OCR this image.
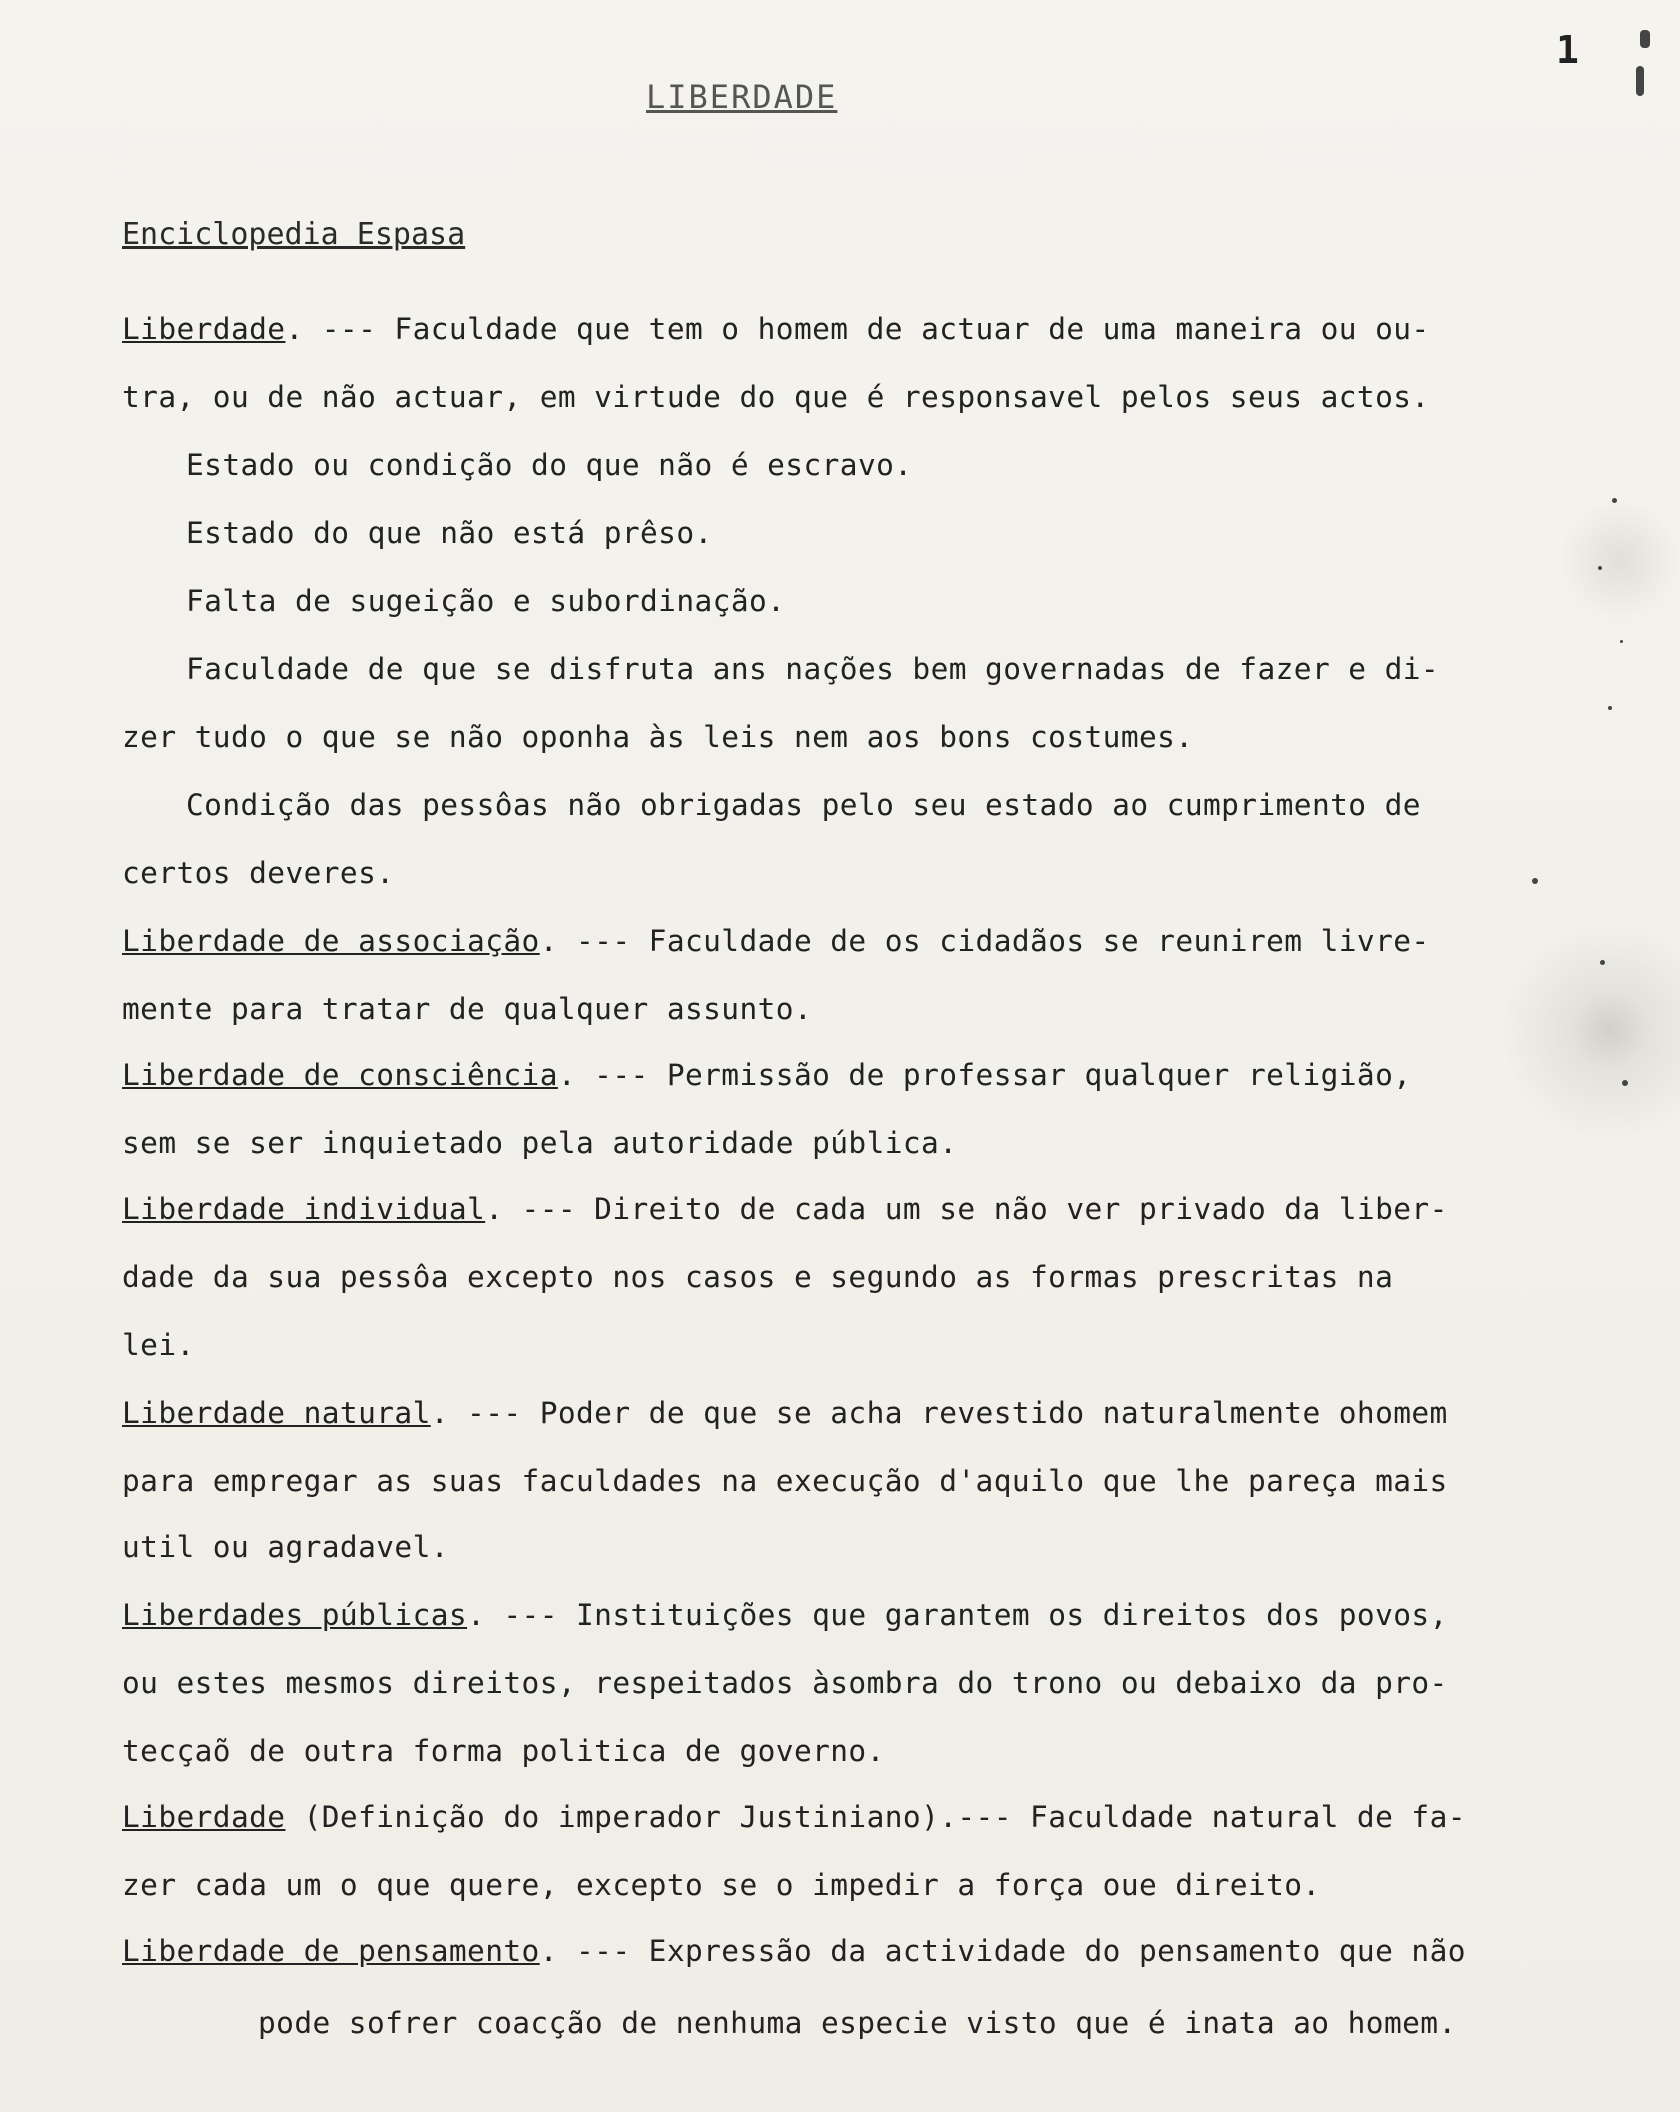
1
LIBERDADE
Enciclopedia Espasa
Liberdade. --- Faculdade que tem o homem de actuar de uma maneira ou ou-
tra, ou de não actuar, em virtude do que é responsavel pelos seus actos.
Estado ou condição do que não é escravo.
Estado do que não está prêso.
Falta de sugeição e subordinação.
Faculdade de que se disfruta ans nações bem governadas de fazer e di-
zer tudo o que se não oponha às leis nem aos bons costumes.
Condição das pessôas não obrigadas pelo seu estado ao cumprimento de
certos deveres.
Liberdade de associação. --- Faculdade de os cidadãos se reunirem livre-
mente para tratar de qualquer assunto.
Liberdade de consciência. --- Permissão de professar qualquer religião,
sem se ser inquietado pela autoridade pública.
Liberdade individual. --- Direito de cada um se não ver privado da liber-
dade da sua pessôa excepto nos casos e segundo as formas prescritas na
lei.
Liberdade natural. --- Poder de que se acha revestido naturalmente ohomem
para empregar as suas faculdades na execução d'aquilo que lhe pareça mais
util ou agradavel.
Liberdades públicas. --- Instituições que garantem os direitos dos povos,
ou estes mesmos direitos, respeitados àsombra do trono ou debaixo da pro-
tecçaõ de outra forma politica de governo.
Liberdade (Definição do imperador Justiniano).--- Faculdade natural de fa-
zer cada um o que quere, excepto se o impedir a força oue direito.
Liberdade de pensamento. --- Expressão da actividade do pensamento que não
pode sofrer coacção de nenhuma especie visto que é inata ao homem.
